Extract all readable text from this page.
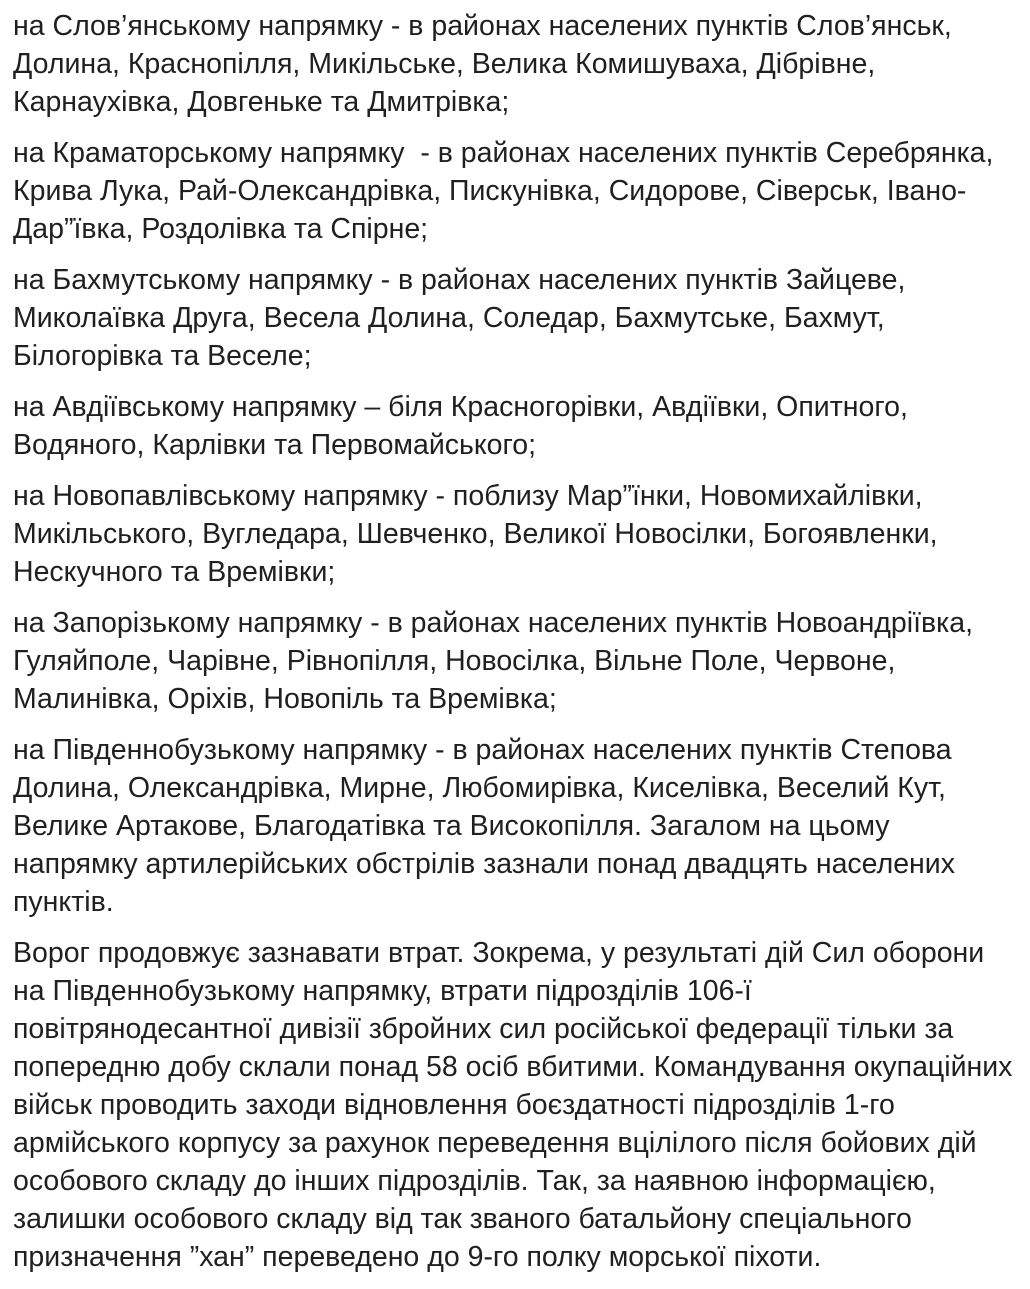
на Слов’янському напрямку - в районах населених пунктів Слов’янськ, Долина, Краснопілля, Микільське, Велика Комишуваха, Дібрівне, Карнаухівка, Довгеньке та Дмитрівка;

на Краматорському напрямку  - в районах населених пунктів Серебрянка, Крива Лука, Рай-Олександрівка, Пискунівка, Сидорове, Сіверськ, Івано-Дар”ївка, Роздолівка та Спірне;

на Бахмутському напрямку - в районах населених пунктів Зайцеве, Миколаївка Друга, Весела Долина, Соледар, Бахмутське, Бахмут, Білогорівка та Веселе;

на Авдіївському напрямку – біля Красногорівки, Авдіївки, Опитного, Водяного, Карлівки та Первомайського;

на Новопавлівському напрямку - поблизу Мар”їнки, Новомихайлівки, Микільського, Вугледара, Шевченко, Великої Новосілки, Богоявленки, Нескучного та Времівки;

на Запорізькому напрямку - в районах населених пунктів Новоандріївка, Гуляйполе, Чарівне, Рівнопілля, Новосілка, Вільне Поле, Червоне, Малинівка, Оріхів, Новопіль та Времівка;

на Південнобузькому напрямку - в районах населених пунктів Степова Долина, Олександрівка, Мирне, Любомирівка, Киселівка, Веселий Кут, Велике Артакове, Благодатівка та Високопілля. Загалом на цьому напрямку артилерійських обстрілів зазнали понад двадцять населених пунктів.

Ворог продовжує зазнавати втрат. Зокрема, у результаті дій Сил оборони на Південнобузькому напрямку, втрати підрозділів 106-ї повітрянодесантної дивізії збройних сил російської федерації тільки за попередню добу склали понад 58 осіб вбитими. Командування окупаційних військ проводить заходи відновлення боєздатності підрозділів 1-го армійського корпусу за рахунок переведення вцілілого після бойових дій особового складу до інших підрозділів. Так, за наявною інформацією, залишки особового складу від так званого батальйону спеціального призначення ”хан” переведено до 9-го полку морської піхоти.
